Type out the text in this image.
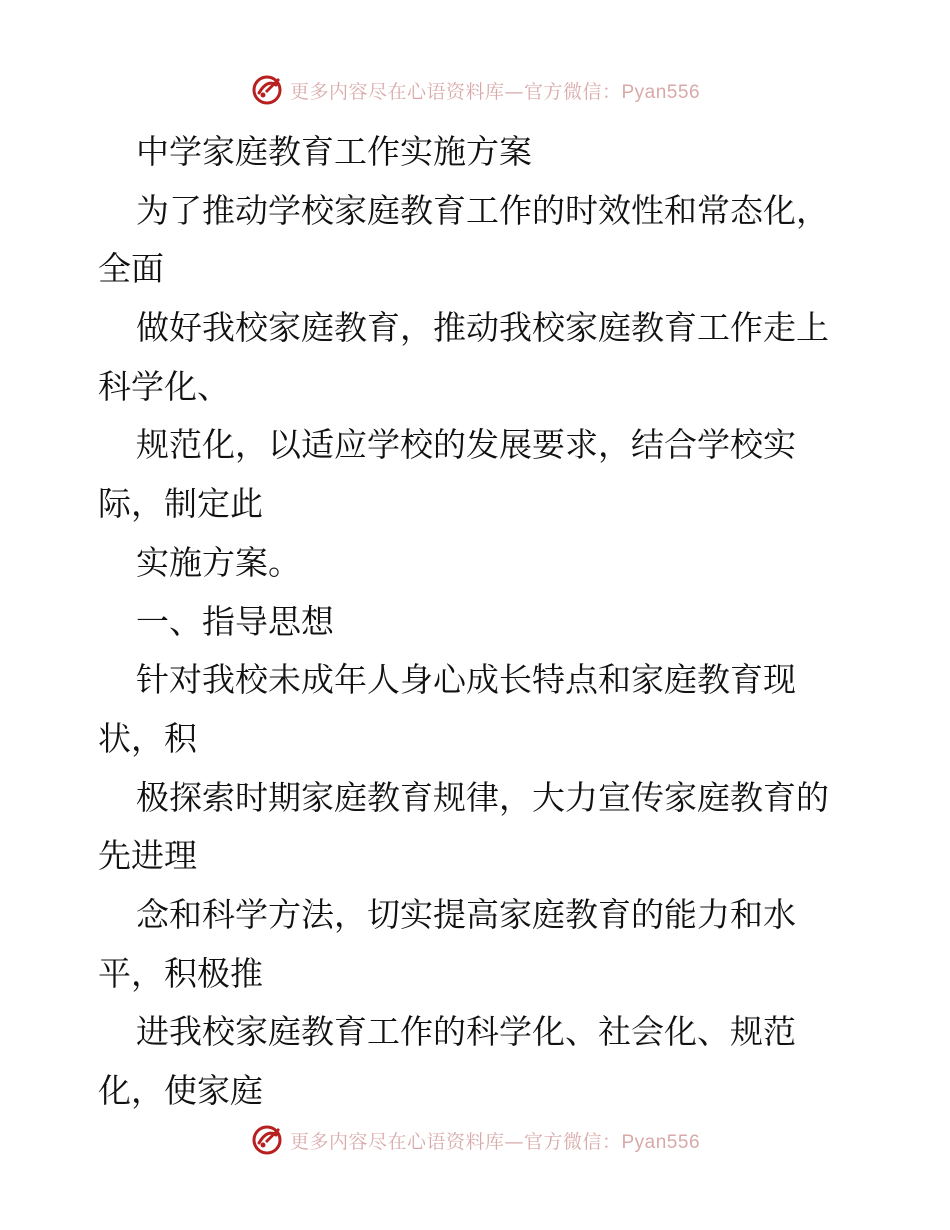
更多内容尽在心语资料库—官方微信：Pyan556
中学家庭教育工作实施方案
为了推动学校家庭教育工作的时效性和常态化，
全面
做好我校家庭教育，推动我校家庭教育工作走上
科学化、
规范化，以适应学校的发展要求，结合学校实
际，制定此
实施方案。
一、指导思想
针对我校未成年人身心成长特点和家庭教育现
状，积
极探索时期家庭教育规律，大力宣传家庭教育的
先进理
念和科学方法，切实提高家庭教育的能力和水
平，积极推
进我校家庭教育工作的科学化、社会化、规范
化，使家庭
更多内容尽在心语资料库—官方微信：Pyan556
